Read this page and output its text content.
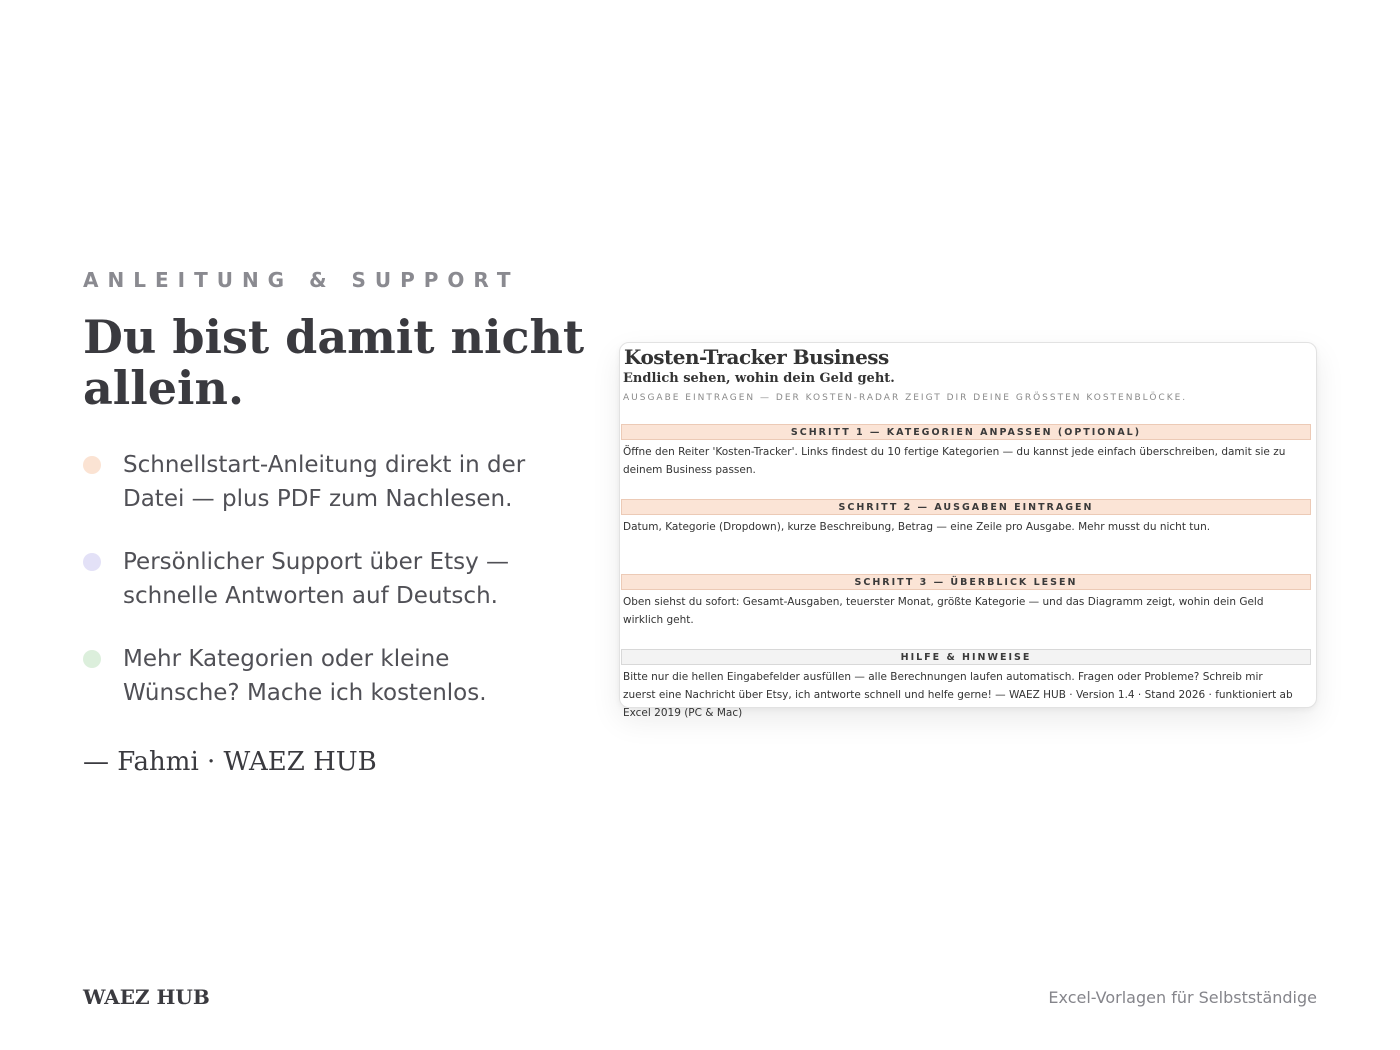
ANLEITUNG & SUPPORT
Du bist damit nicht allein.
Schnellstart-Anleitung direkt in der Datei — plus PDF zum Nachlesen.
Persönlicher Support über Etsy — schnelle Antworten auf Deutsch.
Mehr Kategorien oder kleine Wünsche? Mache ich kostenlos.
— Fahmi · WAEZ HUB
Kosten-Tracker Business
Endlich sehen, wohin dein Geld geht.
AUSGABE EINTRAGEN — DER KOSTEN-RADAR ZEIGT DIR DEINE GRÖSSTEN KOSTENBLÖCKE.
SCHRITT 1 — KATEGORIEN ANPASSEN (OPTIONAL)
Öffne den Reiter 'Kosten-Tracker'. Links findest du 10 fertige Kategorien — du kannst jede einfach überschreiben, damit sie zu deinem Business passen.
SCHRITT 2 — AUSGABEN EINTRAGEN
Datum, Kategorie (Dropdown), kurze Beschreibung, Betrag — eine Zeile pro Ausgabe. Mehr musst du nicht tun.
SCHRITT 3 — ÜBERBLICK LESEN
Oben siehst du sofort: Gesamt-Ausgaben, teuerster Monat, größte Kategorie — und das Diagramm zeigt, wohin dein Geld wirklich geht.
HILFE & HINWEISE
Bitte nur die hellen Eingabefelder ausfüllen — alle Berechnungen laufen automatisch. Fragen oder Probleme? Schreib mir zuerst eine Nachricht über Etsy, ich antworte schnell und helfe gerne! — WAEZ HUB · Version 1.4 · Stand 2026 · funktioniert ab Excel 2019 (PC & Mac)
WAEZ HUB	Excel-Vorlagen für Selbstständige
